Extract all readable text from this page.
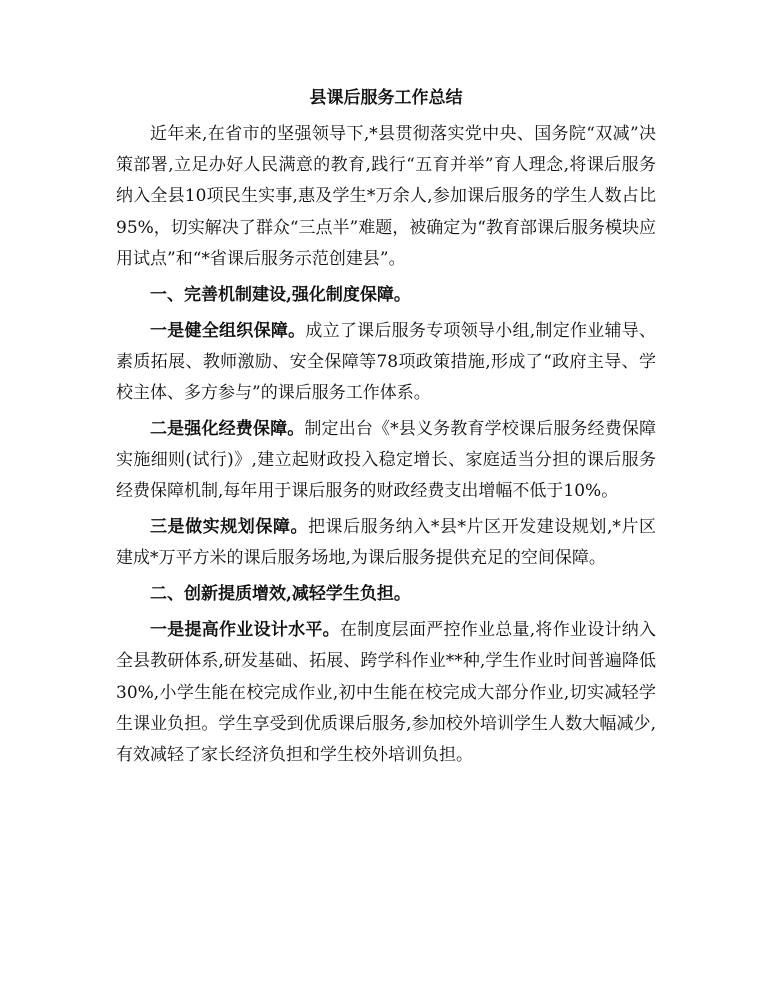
县课后服务工作总结
近年来,在省市的坚强领导下,*县贯彻落实党中央、国务院“双减”决策部署,立足办好人民满意的教育,践行“五育并举”育人理念,将课后服务纳入全县10项民生实事,惠及学生*万余人,参加课后服务的学生人数占比95%，切实解决了群众“三点半”难题，被确定为“教育部课后服务模块应用试点”和“*省课后服务示范创建县”。
一、完善机制建设,强化制度保障。
一是健全组织保障。成立了课后服务专项领导小组,制定作业辅导、素质拓展、教师激励、安全保障等78项政策措施,形成了“政府主导、学校主体、多方参与”的课后服务工作体系。
二是强化经费保障。制定出台《*县义务教育学校课后服务经费保障实施细则(试行)》,建立起财政投入稳定增长、家庭适当分担的课后服务经费保障机制,每年用于课后服务的财政经费支出增幅不低于10%。
三是做实规划保障。把课后服务纳入*县*片区开发建设规划,*片区建成*万平方米的课后服务场地,为课后服务提供充足的空间保障。
二、创新提质增效,减轻学生负担。
一是提高作业设计水平。在制度层面严控作业总量,将作业设计纳入全县教研体系,研发基础、拓展、跨学科作业**种,学生作业时间普遍降低30%,小学生能在校完成作业,初中生能在校完成大部分作业,切实减轻学生课业负担。学生享受到优质课后服务,参加校外培训学生人数大幅减少,有效减轻了家长经济负担和学生校外培训负担。
